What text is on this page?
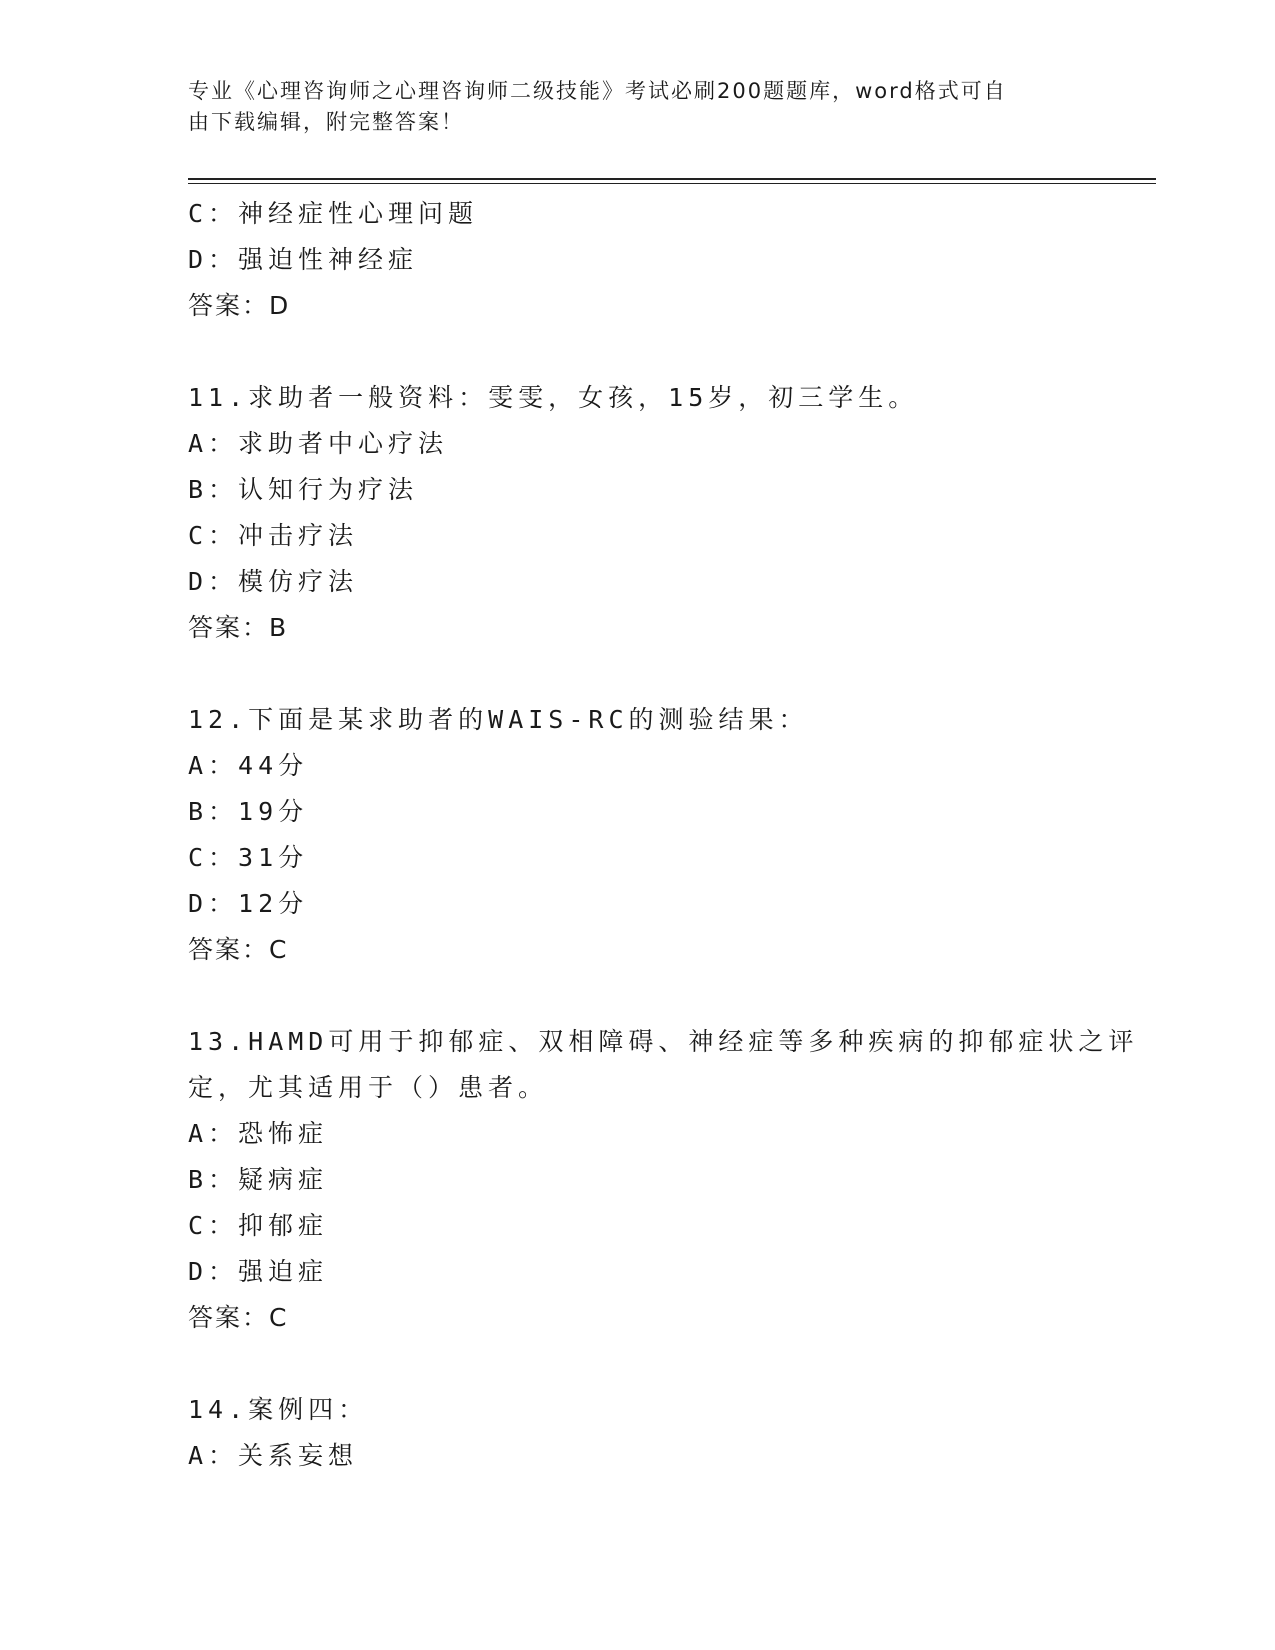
专业《心理咨询师之心理咨询师二级技能》考试必刷200题题库，word格式可自
由下载编辑，附完整答案！
C：神经症性心理问题
D：强迫性神经症
答案：D
11.求助者一般资料：雯雯，女孩，15岁，初三学生。
A：求助者中心疗法
B：认知行为疗法
C：冲击疗法
D：模仿疗法
答案：B
12.下面是某求助者的WAIS-RC的测验结果：
A：44分
B：19分
C：31分
D：12分
答案：C
13.HAMD可用于抑郁症、双相障碍、神经症等多种疾病的抑郁症状之评
定，尤其适用于（）患者。
A：恐怖症
B：疑病症
C：抑郁症
D：强迫症
答案：C
14.案例四：
A：关系妄想
